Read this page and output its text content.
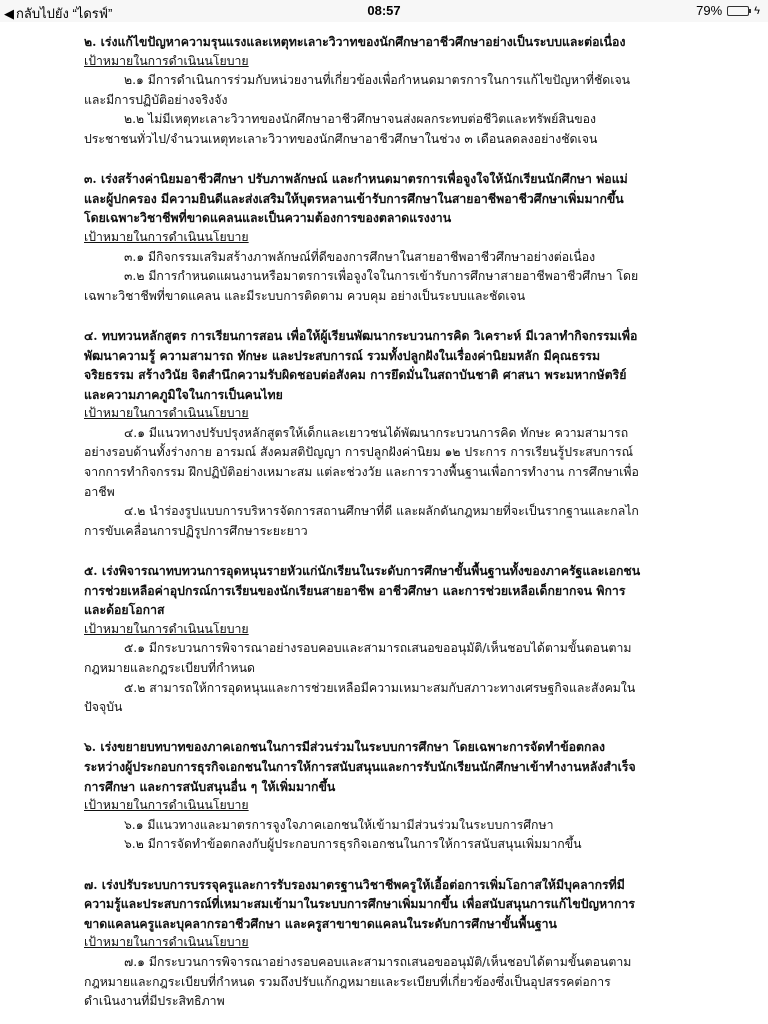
◀ กลับไปยัง “ไดรฟ์”	08:57	79%	ϟ

๒. เร่งแก้ไขปัญหาความรุนแรงและเหตุทะเลาะวิวาทของนักศึกษาอาชีวศึกษาอย่างเป็นระบบและต่อเนื่อง

เป้าหมายในการดำเนินนโยบาย

๒.๑ มีการดำเนินการร่วมกับหน่วยงานที่เกี่ยวข้องเพื่อกำหนดมาตรการในการแก้ไขปัญหาที่ชัดเจน

และมีการปฏิบัติอย่างจริงจัง

๒.๒ ไม่มีเหตุทะเลาะวิวาทของนักศึกษาอาชีวศึกษาจนส่งผลกระทบต่อชีวิตและทรัพย์สินของ

ประชาชนทั่วไป/จำนวนเหตุทะเลาะวิวาทของนักศึกษาอาชีวศึกษาในช่วง ๓ เดือนลดลงอย่างชัดเจน

๓. เร่งสร้างค่านิยมอาชีวศึกษา ปรับภาพลักษณ์ และกำหนดมาตรการเพื่อจูงใจให้นักเรียนนักศึกษา พ่อแม่

และผู้ปกครอง มีความยินดีและส่งเสริมให้บุตรหลานเข้ารับการศึกษาในสายอาชีพอาชีวศึกษาเพิ่มมากขึ้น

โดยเฉพาะวิชาชีพที่ขาดแคลนและเป็นความต้องการของตลาดแรงงาน

เป้าหมายในการดำเนินนโยบาย

๓.๑ มีกิจกรรมเสริมสร้างภาพลักษณ์ที่ดีของการศึกษาในสายอาชีพอาชีวศึกษาอย่างต่อเนื่อง

๓.๒ มีการกำหนดแผนงานหรือมาตรการเพื่อจูงใจในการเข้ารับการศึกษาสายอาชีพอาชีวศึกษา โดย

เฉพาะวิชาชีพที่ขาดแคลน และมีระบบการติดตาม ควบคุม อย่างเป็นระบบและชัดเจน

๔. ทบทวนหลักสูตร การเรียนการสอน เพื่อให้ผู้เรียนพัฒนากระบวนการคิด วิเคราะห์ มีเวลาทำกิจกรรมเพื่อ

พัฒนาความรู้ ความสามารถ ทักษะ และประสบการณ์ รวมทั้งปลูกฝังในเรื่องค่านิยมหลัก มีคุณธรรม

จริยธรรม สร้างวินัย จิตสำนึกความรับผิดชอบต่อสังคม การยึดมั่นในสถาบันชาติ ศาสนา พระมหากษัตริย์

และความภาคภูมิใจในการเป็นคนไทย

เป้าหมายในการดำเนินนโยบาย

๔.๑ มีแนวทางปรับปรุงหลักสูตรให้เด็กและเยาวชนได้พัฒนากระบวนการคิด ทักษะ ความสามารถ

อย่างรอบด้านทั้งร่างกาย อารมณ์ สังคมสติปัญญา การปลูกฝังค่านิยม ๑๒ ประการ การเรียนรู้ประสบการณ์

จากการทำกิจกรรม ฝึกปฏิบัติอย่างเหมาะสม แต่ละช่วงวัย และการวางพื้นฐานเพื่อการทำงาน การศึกษาเพื่อ

อาชีพ

๔.๒ นำร่องรูปแบบการบริหารจัดการสถานศึกษาที่ดี และผลักดันกฎหมายที่จะเป็นรากฐานและกลไก

การขับเคลื่อนการปฏิรูปการศึกษาระยะยาว

๕. เร่งพิจารณาทบทวนการอุดหนุนรายหัวแก่นักเรียนในระดับการศึกษาขั้นพื้นฐานทั้งของภาครัฐและเอกชน

การช่วยเหลือค่าอุปกรณ์การเรียนของนักเรียนสายอาชีพ อาชีวศึกษา และการช่วยเหลือเด็กยากจน พิการ

และด้อยโอกาส

เป้าหมายในการดำเนินนโยบาย

๕.๑ มีกระบวนการพิจารณาอย่างรอบคอบและสามารถเสนอขออนุมัติ/เห็นชอบได้ตามขั้นตอนตาม

กฎหมายและกฎระเบียบที่กำหนด

๕.๒ สามารถให้การอุดหนุนและการช่วยเหลือมีความเหมาะสมกับสภาวะทางเศรษฐกิจและสังคมใน

ปัจจุบัน

๖. เร่งขยายบทบาทของภาคเอกชนในการมีส่วนร่วมในระบบการศึกษา โดยเฉพาะการจัดทำข้อตกลง

ระหว่างผู้ประกอบการธุรกิจเอกชนในการให้การสนับสนุนและการรับนักเรียนนักศึกษาเข้าทำงานหลังสำเร็จ

การศึกษา และการสนับสนุนอื่น ๆ ให้เพิ่มมากขึ้น

เป้าหมายในการดำเนินนโยบาย

๖.๑ มีแนวทางและมาตรการจูงใจภาคเอกชนให้เข้ามามีส่วนร่วมในระบบการศึกษา

๖.๒ มีการจัดทำข้อตกลงกับผู้ประกอบการธุรกิจเอกชนในการให้การสนับสนุนเพิ่มมากขึ้น

๗. เร่งปรับระบบการบรรจุครูและการรับรองมาตรฐานวิชาชีพครูให้เอื้อต่อการเพิ่มโอกาสให้มีบุคลากรที่มี

ความรู้และประสบการณ์ที่เหมาะสมเข้ามาในระบบการศึกษาเพิ่มมากขึ้น เพื่อสนับสนุนการแก้ไขปัญหาการ

ขาดแคลนครูและบุคลากรอาชีวศึกษา และครูสาขาขาดแคลนในระดับการศึกษาขั้นพื้นฐาน

เป้าหมายในการดำเนินนโยบาย

๗.๑ มีกระบวนการพิจารณาอย่างรอบคอบและสามารถเสนอขออนุมัติ/เห็นชอบได้ตามขั้นตอนตาม

กฎหมายและกฎระเบียบที่กำหนด รวมถึงปรับแก้กฎหมายและระเบียบที่เกี่ยวข้องซึ่งเป็นอุปสรรคต่อการ

ดำเนินงานที่มีประสิทธิภาพ
